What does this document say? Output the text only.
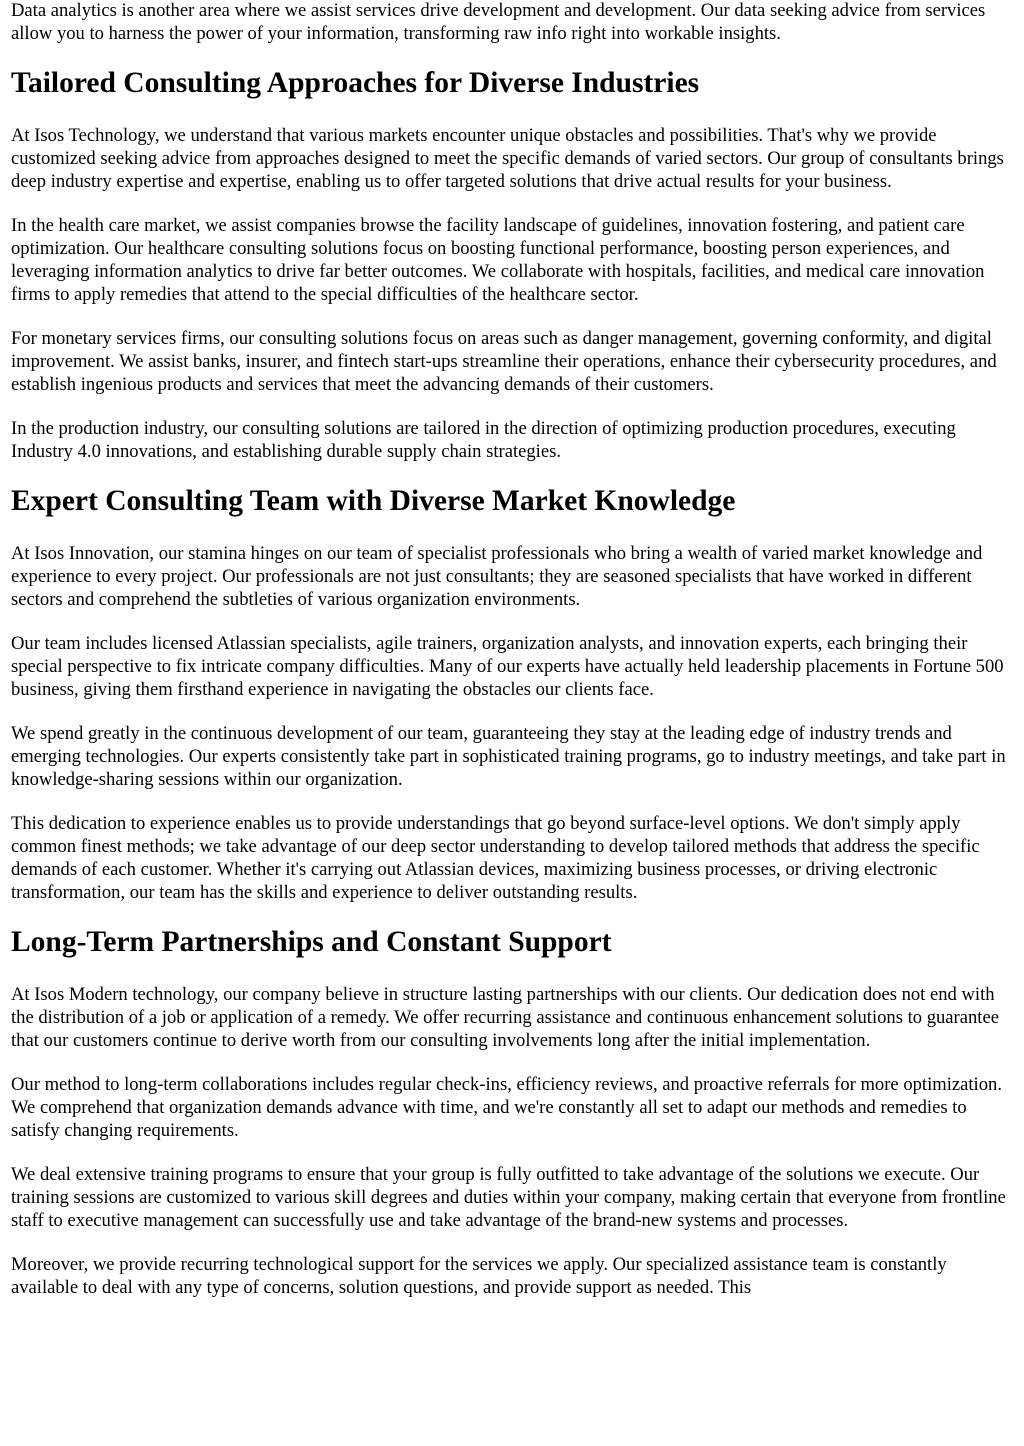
Data analytics is another area where we assist services drive development and development. Our data seeking advice from services allow you to harness the power of your information, transforming raw info right into workable insights.

Tailored Consulting Approaches for Diverse Industries

At Isos Technology, we understand that various markets encounter unique obstacles and possibilities. That's why we provide customized seeking advice from approaches designed to meet the specific demands of varied sectors. Our group of consultants brings deep industry expertise and expertise, enabling us to offer targeted solutions that drive actual results for your business.

In the health care market, we assist companies browse the facility landscape of guidelines, innovation fostering, and patient care optimization. Our healthcare consulting solutions focus on boosting functional performance, boosting person experiences, and leveraging information analytics to drive far better outcomes. We collaborate with hospitals, facilities, and medical care innovation firms to apply remedies that attend to the special difficulties of the healthcare sector.

For monetary services firms, our consulting solutions focus on areas such as danger management, governing conformity, and digital improvement. We assist banks, insurer, and fintech start-ups streamline their operations, enhance their cybersecurity procedures, and establish ingenious products and services that meet the advancing demands of their customers.

In the production industry, our consulting solutions are tailored in the direction of optimizing production procedures, executing Industry 4.0 innovations, and establishing durable supply chain strategies.

Expert Consulting Team with Diverse Market Knowledge

At Isos Innovation, our stamina hinges on our team of specialist professionals who bring a wealth of varied market knowledge and experience to every project. Our professionals are not just consultants; they are seasoned specialists that have worked in different sectors and comprehend the subtleties of various organization environments.

Our team includes licensed Atlassian specialists, agile trainers, organization analysts, and innovation experts, each bringing their special perspective to fix intricate company difficulties. Many of our experts have actually held leadership placements in Fortune 500 business, giving them firsthand experience in navigating the obstacles our clients face.

We spend greatly in the continuous development of our team, guaranteeing they stay at the leading edge of industry trends and emerging technologies. Our experts consistently take part in sophisticated training programs, go to industry meetings, and take part in knowledge-sharing sessions within our organization.

This dedication to experience enables us to provide understandings that go beyond surface-level options. We don't simply apply common finest methods; we take advantage of our deep sector understanding to develop tailored methods that address the specific demands of each customer. Whether it's carrying out Atlassian devices, maximizing business processes, or driving electronic transformation, our team has the skills and experience to deliver outstanding results.

Long-Term Partnerships and Constant Support

At Isos Modern technology, our company believe in structure lasting partnerships with our clients. Our dedication does not end with the distribution of a job or application of a remedy. We offer recurring assistance and continuous enhancement solutions to guarantee that our customers continue to derive worth from our consulting involvements long after the initial implementation.

Our method to long-term collaborations includes regular check-ins, efficiency reviews, and proactive referrals for more optimization. We comprehend that organization demands advance with time, and we're constantly all set to adapt our methods and remedies to satisfy changing requirements.

We deal extensive training programs to ensure that your group is fully outfitted to take advantage of the solutions we execute. Our training sessions are customized to various skill degrees and duties within your company, making certain that everyone from frontline staff to executive management can successfully use and take advantage of the brand-new systems and processes.

Moreover, we provide recurring technological support for the services we apply. Our specialized assistance team is constantly available to deal with any type of concerns, solution questions, and provide support as needed. This
